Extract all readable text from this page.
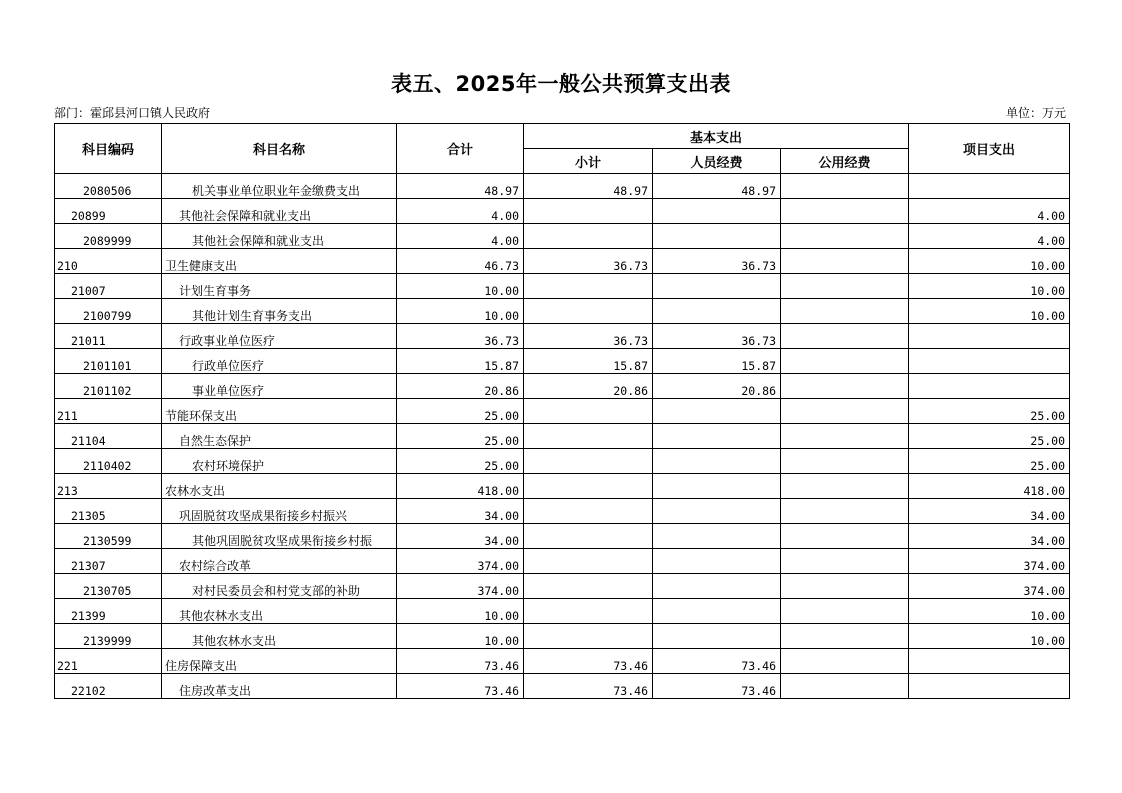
表五、2025年一般公共预算支出表
部门：霍邱县河口镇人民政府	单位：万元
科目编码	科目名称	合计	基本支出			项目支出
			小计	人员经费	公用经费	
2080506	机关事业单位职业年金缴费支出	48.97	48.97	48.97		
20899	其他社会保障和就业支出	4.00				4.00
2089999	其他社会保障和就业支出	4.00				4.00
210	卫生健康支出	46.73	36.73	36.73		10.00
21007	计划生育事务	10.00				10.00
2100799	其他计划生育事务支出	10.00				10.00
21011	行政事业单位医疗	36.73	36.73	36.73		
2101101	行政单位医疗	15.87	15.87	15.87		
2101102	事业单位医疗	20.86	20.86	20.86		
211	节能环保支出	25.00				25.00
21104	自然生态保护	25.00				25.00
2110402	农村环境保护	25.00				25.00
213	农林水支出	418.00				418.00
21305	巩固脱贫攻坚成果衔接乡村振兴	34.00				34.00
2130599	其他巩固脱贫攻坚成果衔接乡村振	34.00				34.00
21307	农村综合改革	374.00				374.00
2130705	对村民委员会和村党支部的补助	374.00				374.00
21399	其他农林水支出	10.00				10.00
2139999	其他农林水支出	10.00				10.00
221	住房保障支出	73.46	73.46	73.46		
22102	住房改革支出	73.46	73.46	73.46		
